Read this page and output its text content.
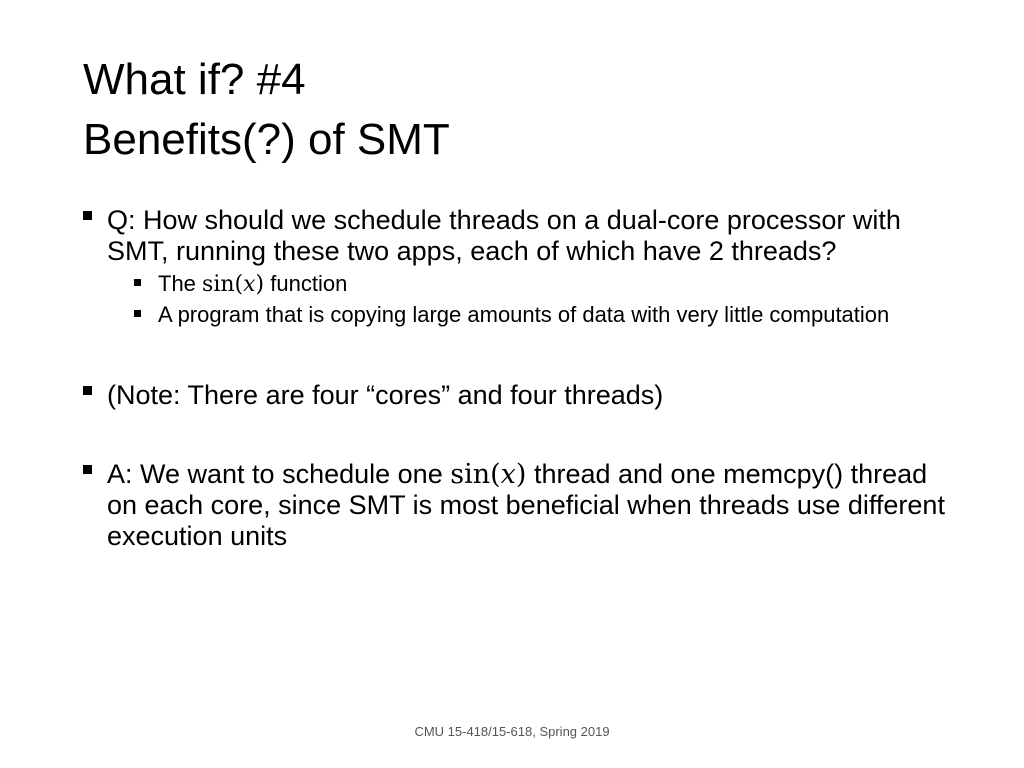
What if? #4
Benefits(?) of SMT
Q: How should we schedule threads on a dual-core processor with SMT, running these two apps, each of which have 2 threads?
The sin(x) function
A program that is copying large amounts of data with very little computation
(Note: There are four “cores” and four threads)
A: We want to schedule one sin(x) thread and one memcpy() thread on each core, since SMT is most beneficial when threads use different execution units
CMU 15-418/15-618, Spring 2019
